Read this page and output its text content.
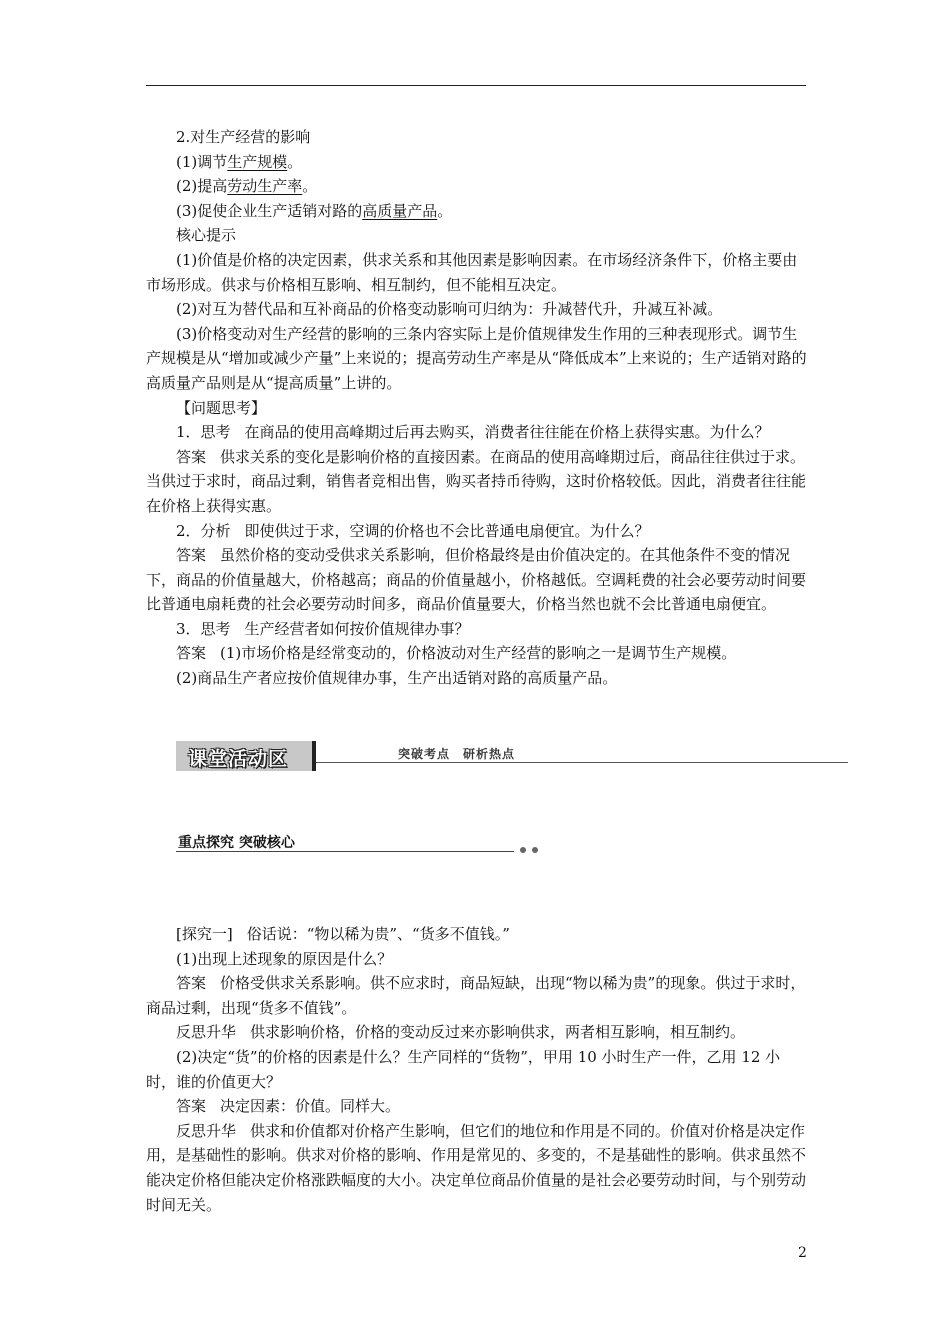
2.对生产经营的影响

(1)调节生产规模。

(2)提高劳动生产率。

(3)促使企业生产适销对路的高质量产品。

核心提示

(1)价值是价格的决定因素，供求关系和其他因素是影响因素。在市场经济条件下，价格主要由市场形成。供求与价格相互影响、相互制约，但不能相互决定。

(2)对互为替代品和互补商品的价格变动影响可归纳为：升减替代升，升减互补减。

(3)价格变动对生产经营的影响的三条内容实际上是价值规律发生作用的三种表现形式。调节生产规模是从“增加或减少产量”上来说的；提高劳动生产率是从“降低成本”上来说的；生产适销对路的高质量产品则是从“提高质量”上讲的。

【问题思考】

1．思考 在商品的使用高峰期过后再去购买，消费者往往能在价格上获得实惠。为什么？

答案 供求关系的变化是影响价格的直接因素。在商品的使用高峰期过后，商品往往供过于求。当供过于求时，商品过剩，销售者竞相出售，购买者持币待购，这时价格较低。因此，消费者往往能在价格上获得实惠。

2．分析 即使供过于求，空调的价格也不会比普通电扇便宜。为什么？

答案 虽然价格的变动受供求关系影响，但价格最终是由价值决定的。在其他条件不变的情况下，商品的价值量越大，价格越高；商品的价值量越小，价格越低。空调耗费的社会必要劳动时间要比普通电扇耗费的社会必要劳动时间多，商品价值量要大，价格当然也就不会比普通电扇便宜。

3．思考 生产经营者如何按价值规律办事？

答案 (1)市场价格是经常变动的，价格波动对生产经营的影响之一是调节生产规模。

(2)商品生产者应按价值规律办事，生产出适销对路的高质量产品。

课堂活动区	突破考点　研析热点
重点探究 突破核心

[探究一] 俗话说：“物以稀为贵”、“货多不值钱。”

(1)出现上述现象的原因是什么？

答案 价格受供求关系影响。供不应求时，商品短缺，出现“物以稀为贵”的现象。供过于求时，商品过剩，出现“货多不值钱”。

反思升华 供求影响价格，价格的变动反过来亦影响供求，两者相互影响，相互制约。

(2)决定“货”的价格的因素是什么？生产同样的“货物”，甲用 10 小时生产一件，乙用 12 小时，谁的价值更大？

答案 决定因素：价值。同样大。

反思升华 供求和价值都对价格产生影响，但它们的地位和作用是不同的。价值对价格是决定作用，是基础性的影响。供求对价格的影响、作用是常见的、多变的，不是基础性的影响。供求虽然不能决定价格但能决定价格涨跌幅度的大小。决定单位商品价值量的是社会必要劳动时间，与个别劳动时间无关。

2
